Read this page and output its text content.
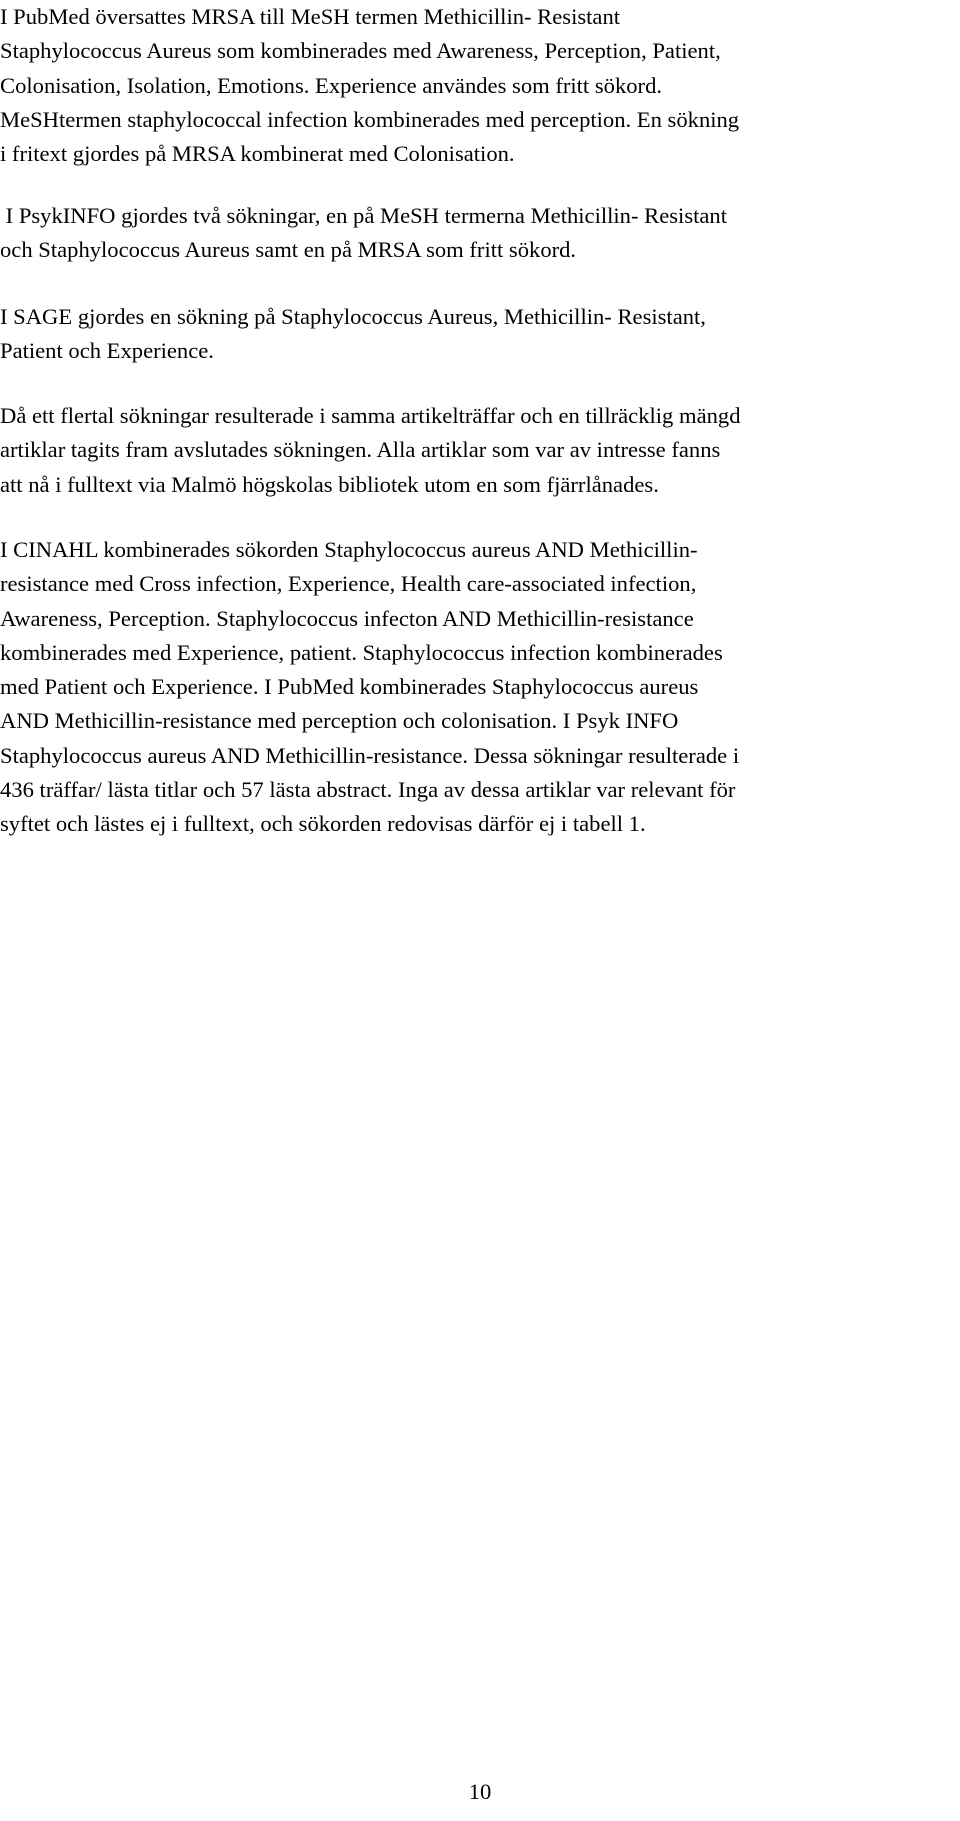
I PubMed översattes MRSA till MeSH termen Methicillin- Resistant
Staphylococcus Aureus som kombinerades med Awareness, Perception, Patient,
Colonisation, Isolation, Emotions. Experience användes som fritt sökord.
MeSHtermen staphylococcal infection kombinerades med perception. En sökning
i fritext gjordes på MRSA kombinerat med Colonisation.
I PsykINFO gjordes två sökningar, en på MeSH termerna Methicillin- Resistant
och Staphylococcus Aureus samt en på MRSA som fritt sökord.
I SAGE gjordes en sökning på Staphylococcus Aureus, Methicillin- Resistant,
Patient och Experience.
Då ett flertal sökningar resulterade i samma artikelträffar och en tillräcklig mängd
artiklar tagits fram avslutades sökningen. Alla artiklar som var av intresse fanns
att nå i fulltext via Malmö högskolas bibliotek utom en som fjärrlånades.
I CINAHL kombinerades sökorden Staphylococcus aureus AND Methicillin-
resistance med Cross infection, Experience, Health care-associated infection,
Awareness, Perception. Staphylococcus infecton AND Methicillin-resistance
kombinerades med Experience, patient. Staphylococcus infection kombinerades
med Patient och Experience. I PubMed kombinerades Staphylococcus aureus
AND Methicillin-resistance med perception och colonisation. I Psyk INFO
Staphylococcus aureus AND Methicillin-resistance. Dessa sökningar resulterade i
436 träffar/ lästa titlar och 57 lästa abstract. Inga av dessa artiklar var relevant för
syftet och lästes ej i fulltext, och sökorden redovisas därför ej i tabell 1.
10
